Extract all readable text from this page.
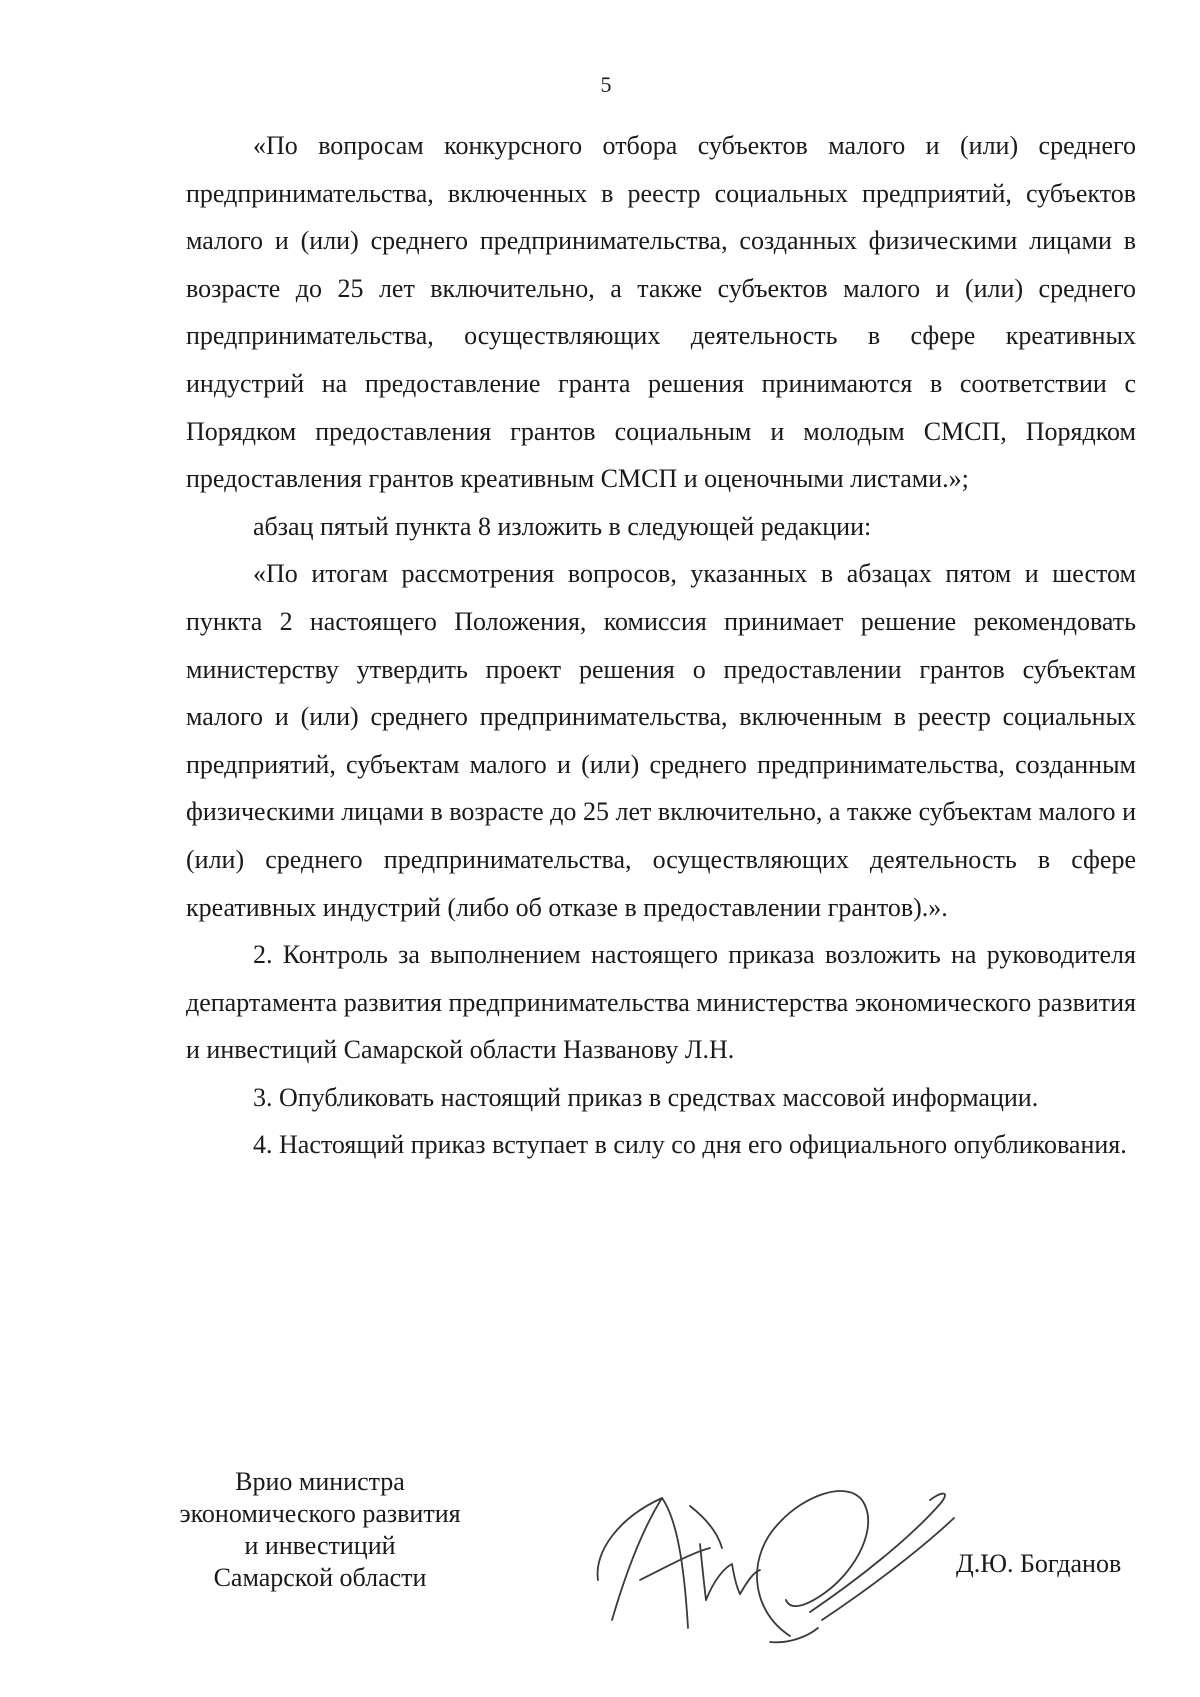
5

«По вопросам конкурсного отбора субъектов малого и (или) среднего предпринимательства, включенных в реестр социальных предприятий, субъектов малого и (или) среднего предпринимательства, созданных физическими лицами в возрасте до 25 лет включительно, а также субъектов малого и (или) среднего предпринимательства, осуществляющих деятельность в сфере креативных индустрий на предоставление гранта решения принимаются в соответствии с Порядком предоставления грантов социальным и молодым СМСП, Порядком предоставления грантов креативным СМСП и оценочными листами.»;

абзац пятый пункта 8 изложить в следующей редакции:

«По итогам рассмотрения вопросов, указанных в абзацах пятом и шестом пункта 2 настоящего Положения, комиссия принимает решение рекомендовать министерству утвердить проект решения о предоставлении грантов субъектам малого и (или) среднего предпринимательства, включенным в реестр социальных предприятий, субъектам малого и (или) среднего предпринимательства, созданным физическими лицами в возрасте до 25 лет включительно, а также субъектам малого и (или) среднего предпринимательства, осуществляющих деятельность в сфере креативных индустрий (либо об отказе в предоставлении грантов).».

2. Контроль за выполнением настоящего приказа возложить на руководителя департамента развития предпринимательства министерства экономического развития и инвестиций Самарской области Названову Л.Н.

3. Опубликовать настоящий приказ в средствах массовой информации.

4. Настоящий приказ вступает в силу со дня его официального опубликования.

Врио министра
экономического развития
и инвестиций
Самарской области	Д.Ю. Богданов
